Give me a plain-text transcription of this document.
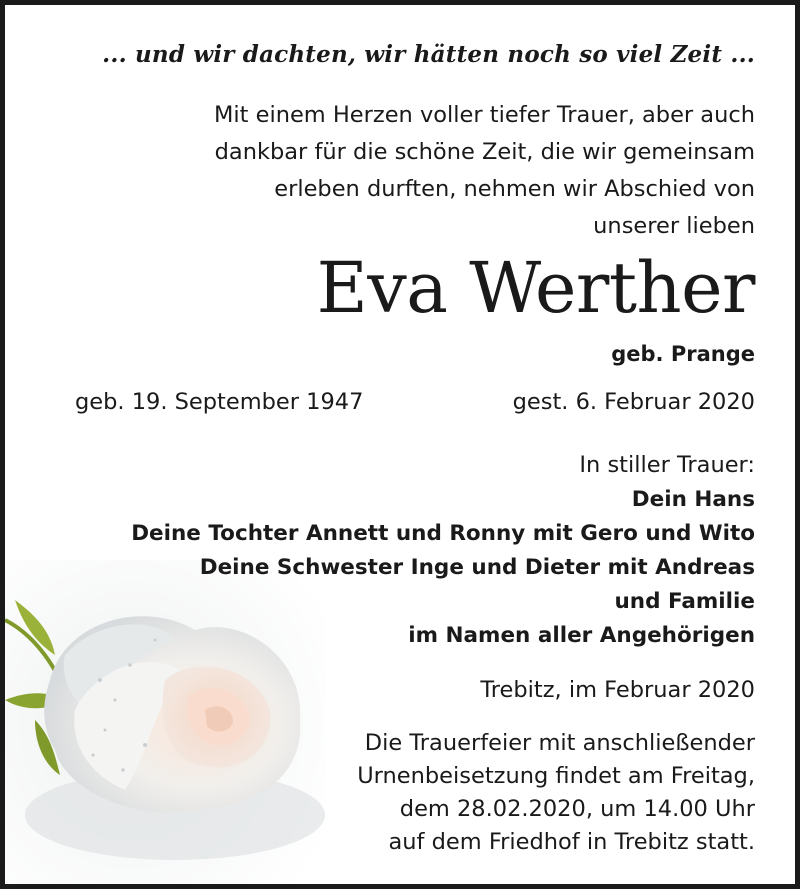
... und wir dachten, wir hätten noch so viel Zeit ...
Mit einem Herzen voller tiefer Trauer, aber auch
dankbar für die schöne Zeit, die wir gemeinsam
erleben durften, nehmen wir Abschied von
unserer lieben
Eva Werther
geb. Prange
geb. 19. September 1947	gest. 6. Februar 2020
In stiller Trauer:
Dein Hans
Deine Tochter Annett und Ronny mit Gero und Wito
Deine Schwester Inge und Dieter mit Andreas
und Familie
im Namen aller Angehörigen
Trebitz, im Februar 2020
Die Trauerfeier mit anschließender
Urnenbeisetzung findet am Freitag,
dem 28.02.2020, um 14.00 Uhr
auf dem Friedhof in Trebitz statt.
